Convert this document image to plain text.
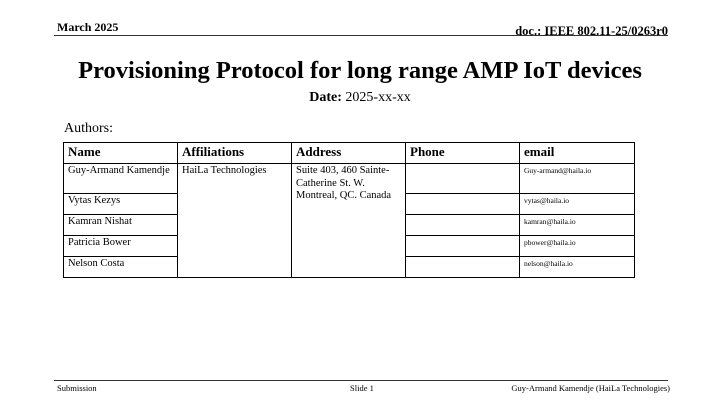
March 2025	doc.: IEEE 802.11-25/0263r0
Provisioning Protocol for long range AMP IoT devices
Date: 2025-xx-xx
Authors:
Name	Affiliations	Address	Phone	email
Guy-Armand Kamendje	HaiLa Technologies	Suite 403, 460 Sainte-Catherine St. W. Montreal, QC. Canada		Guy-armand@haila.io
Vytas Kezys				vytas@haila.io
Kamran Nishat				kamran@haila.io
Patricia Bower				pbower@haila.io
Nelson Costa				nelson@haila.io
Submission	Slide 1	Guy-Armand Kamendje (HaiLa Technologies)
